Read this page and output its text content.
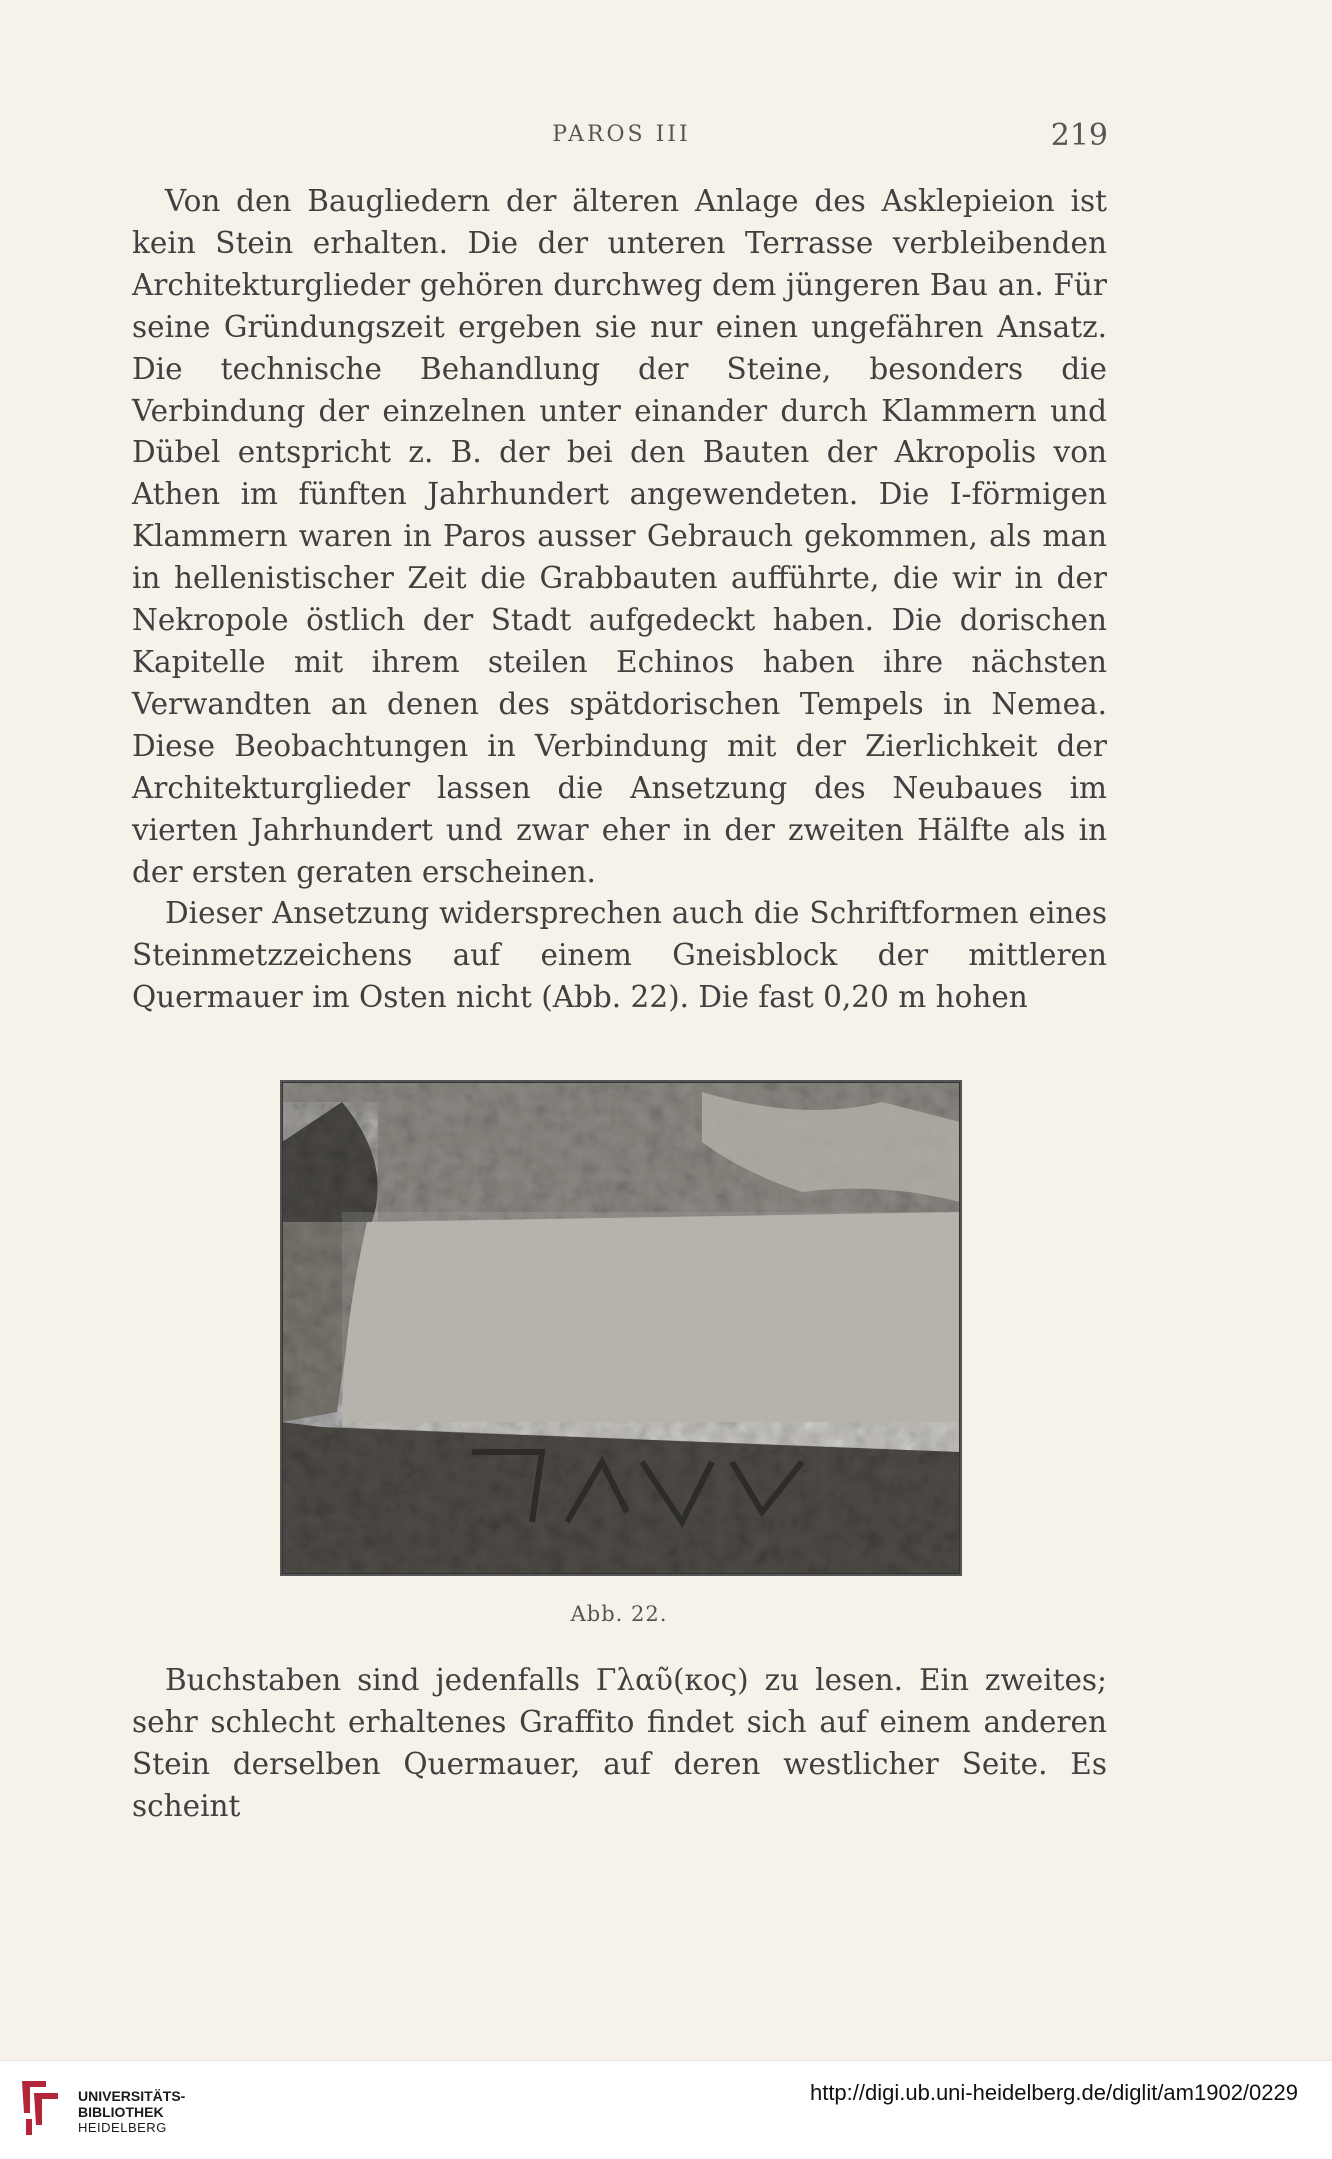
PAROS III	219

Von den Baugliedern der älteren Anlage des Asklepieion ist kein Stein erhalten. Die der unteren Terrasse verbleibenden Architekturglieder gehören durchweg dem jüngeren Bau an. Für seine Gründungszeit ergeben sie nur einen ungefähren Ansatz. Die technische Behandlung der Steine, besonders die Verbindung der einzelnen unter einander durch Klammern und Dübel entspricht z. B. der bei den Bauten der Akropolis von Athen im fünften Jahrhundert angewendeten. Die I-förmigen Klammern waren in Paros ausser Gebrauch gekommen, als man in hellenistischer Zeit die Grabbauten aufführte, die wir in der Nekropole östlich der Stadt aufgedeckt haben. Die dorischen Kapitelle mit ihrem steilen Echinos haben ihre nächsten Verwandten an denen des spätdorischen Tempels in Nemea. Diese Beobachtungen in Verbindung mit der Zierlichkeit der Architekturglieder lassen die Ansetzung des Neubaues im vierten Jahrhundert und zwar eher in der zweiten Hälfte als in der ersten geraten erscheinen.

Dieser Ansetzung widersprechen auch die Schriftformen eines Steinmetzzeichens auf einem Gneisblock der mittleren Quermauer im Osten nicht (Abb. 22). Die fast 0,20 m hohen

Abb. 22.

Buchstaben sind jedenfalls Γλαῦ(κος) zu lesen. Ein zweites; sehr schlecht erhaltenes Graffito findet sich auf einem anderen Stein derselben Quermauer, auf deren westlicher Seite. Es scheint

UNIVERSITÄTS-
BIBLIOTHEK
HEIDELBERG
http://digi.ub.uni-heidelberg.de/diglit/am1902/0229
